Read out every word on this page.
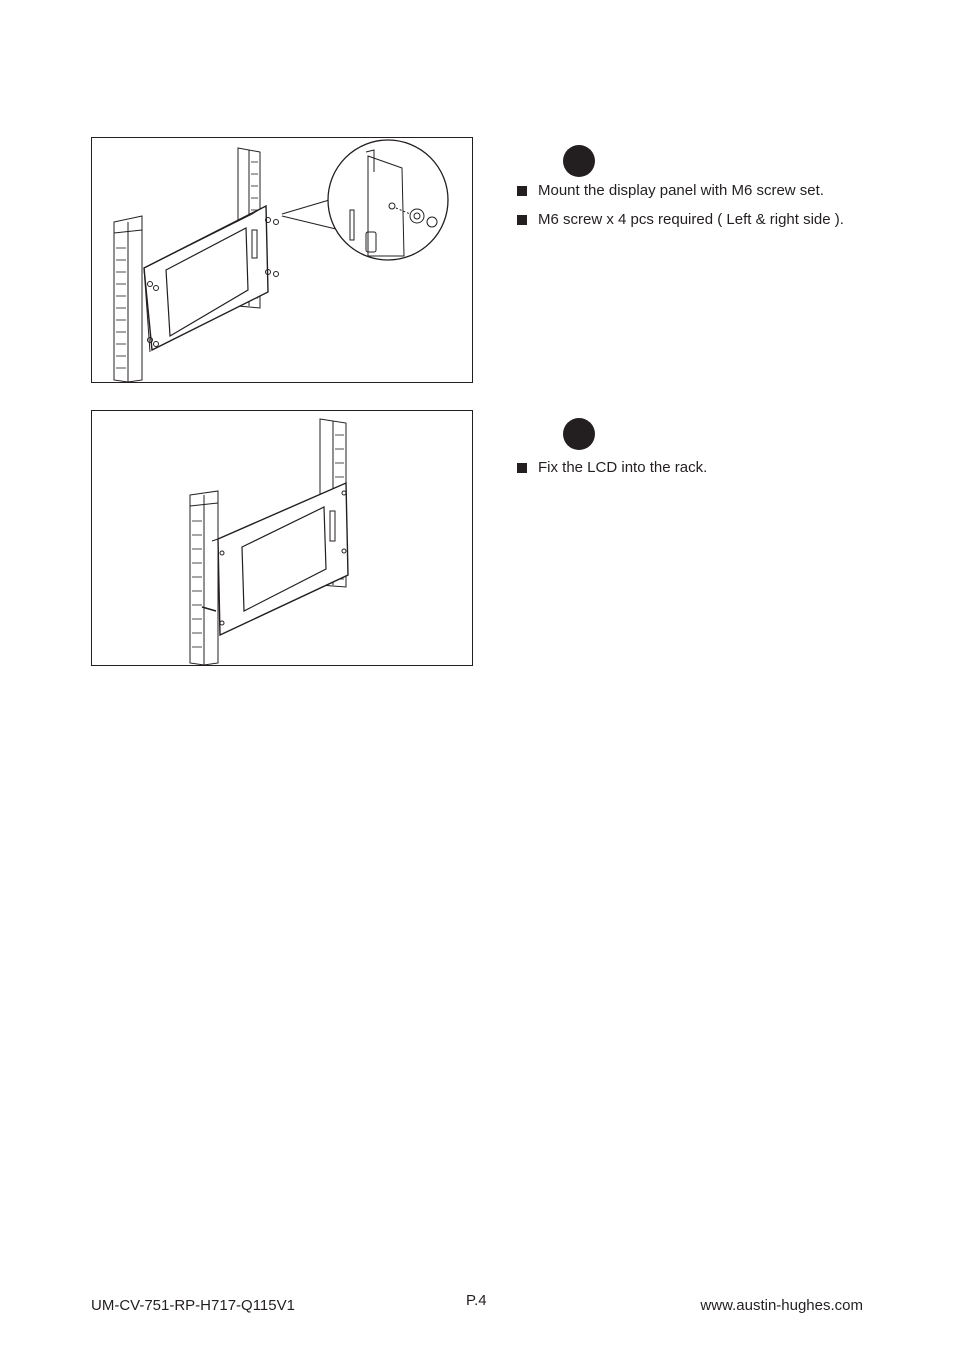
Mount the display panel with M6 screw set.
M6 screw x 4 pcs required ( Left & right side ).
Fix the LCD into the rack.
UM-CV-751-RP-H717-Q115V1	P.4	www.austin-hughes.com
